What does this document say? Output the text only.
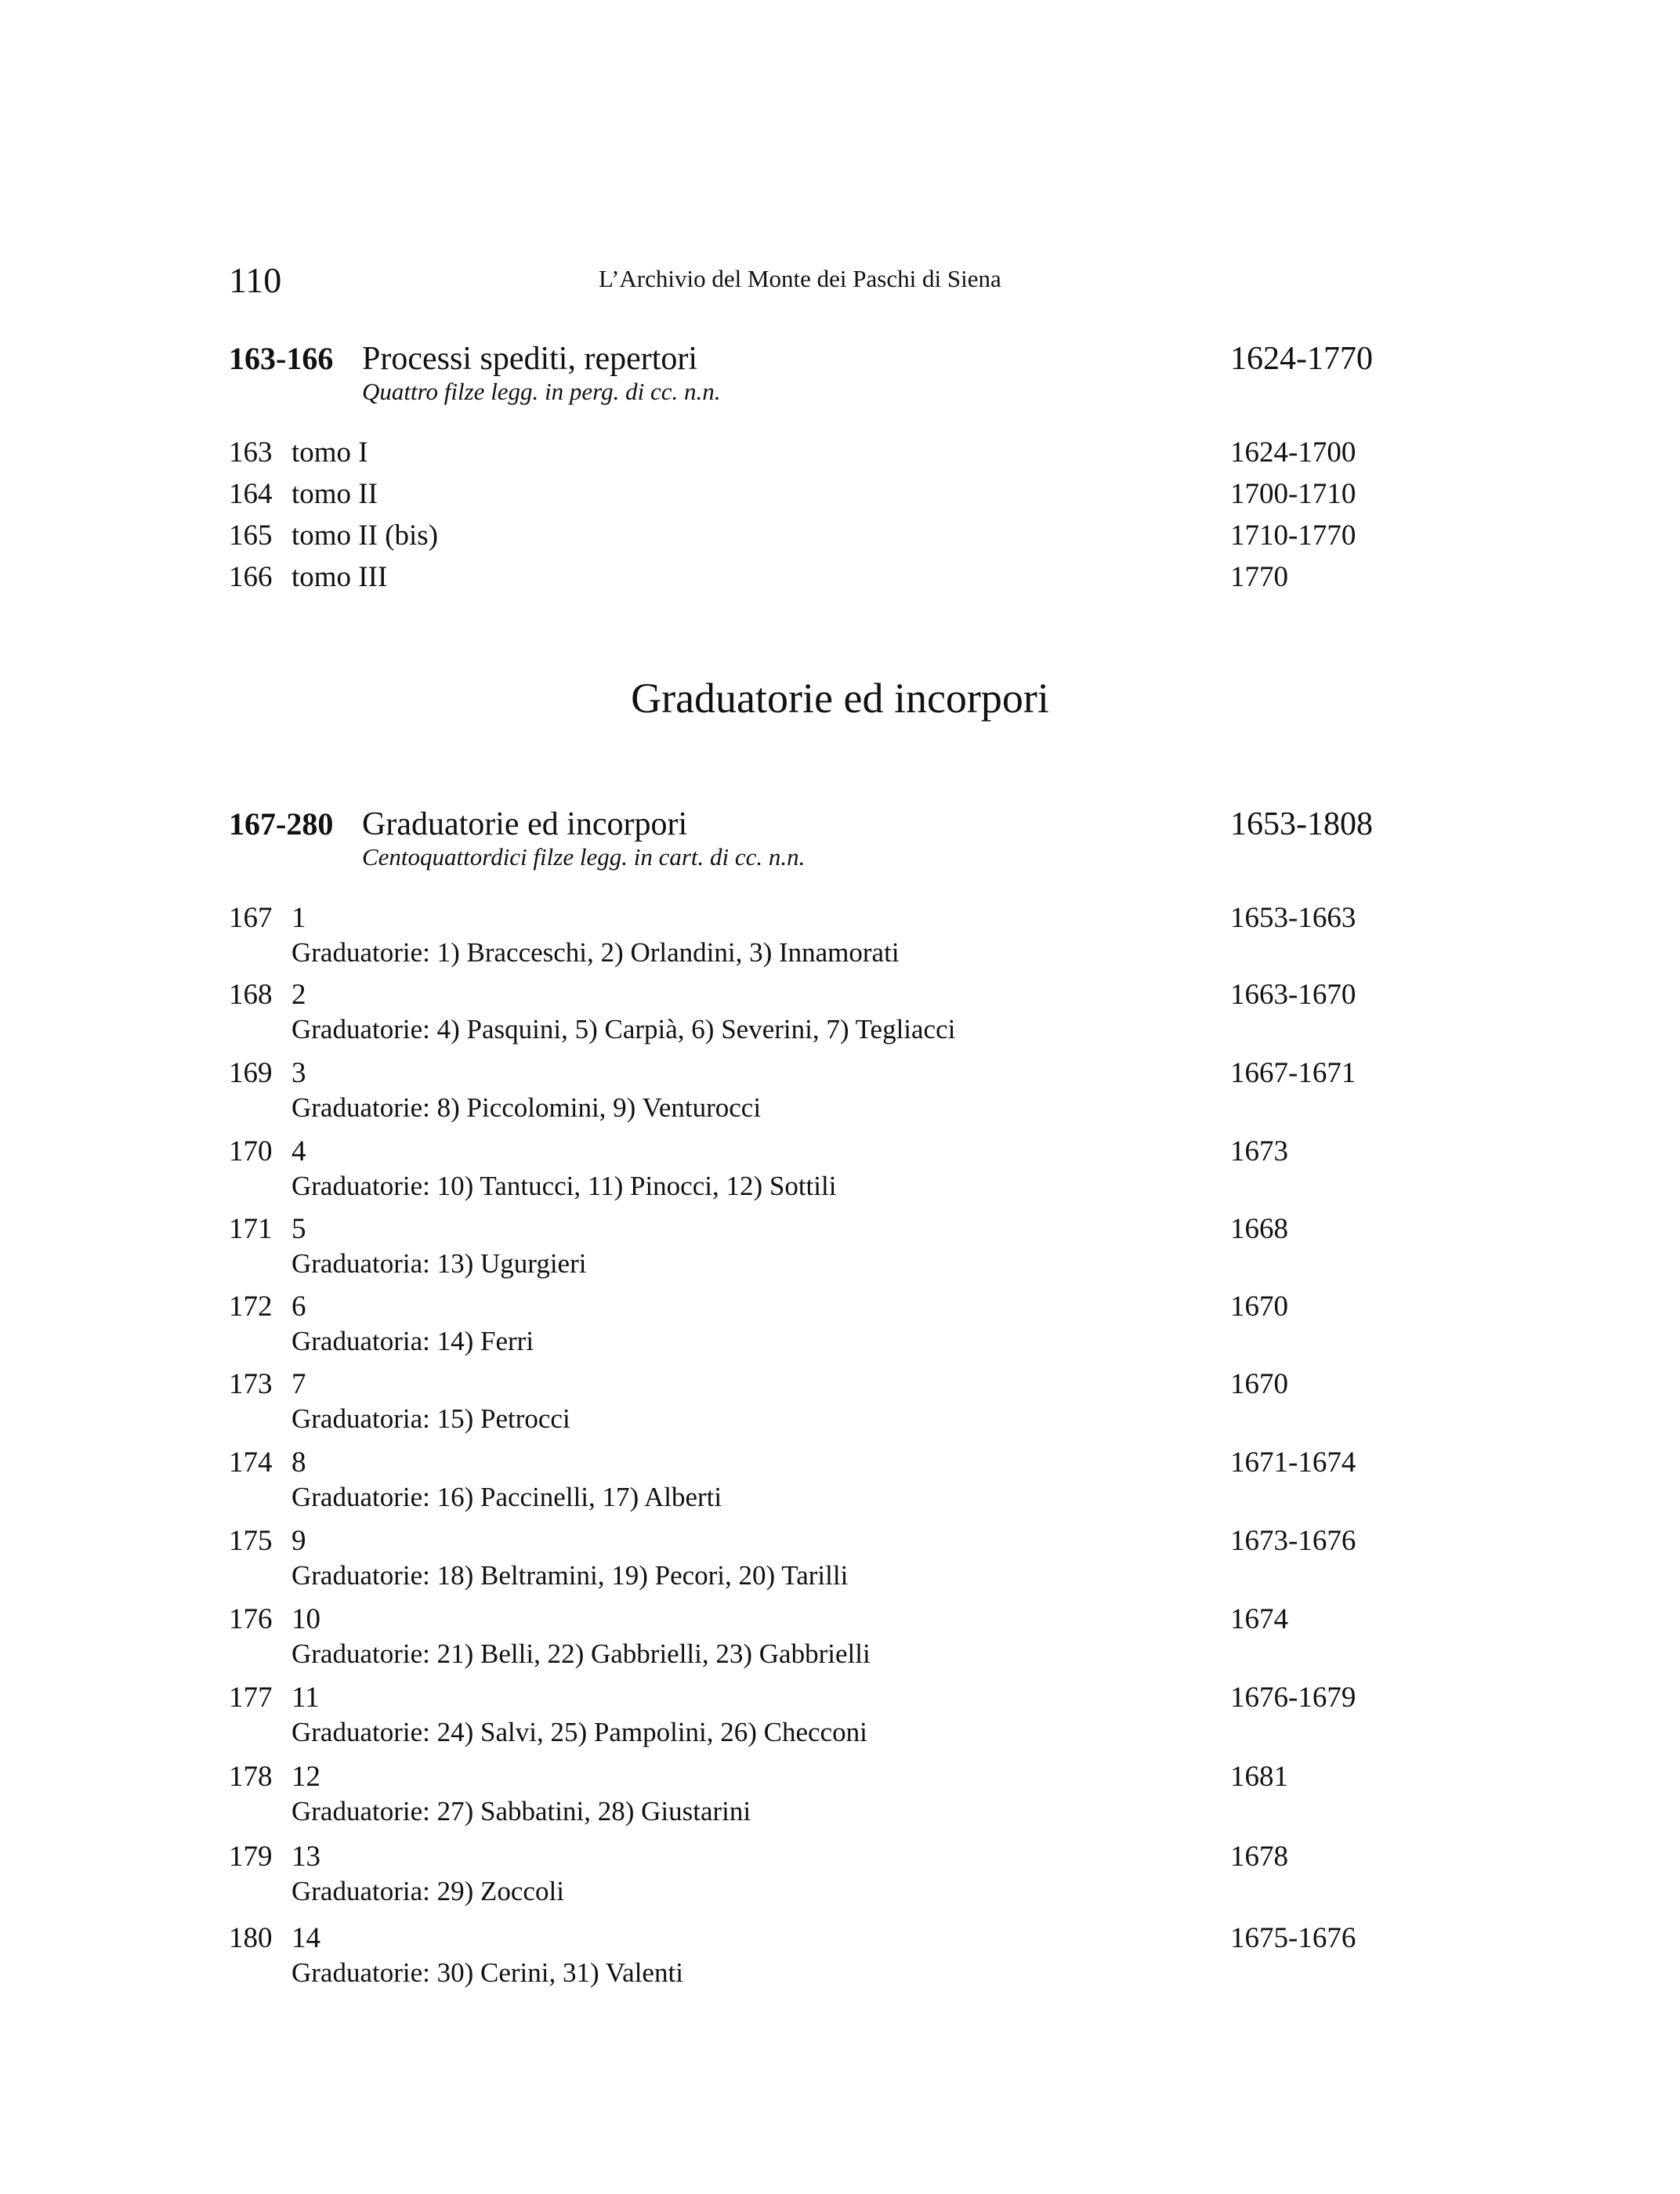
110	L’Archivio del Monte dei Paschi di Siena
163-166 Processi spediti, repertori	1624-1770
Quattro filze legg. in perg. di cc. n.n.
163 tomo I	1624-1700
164 tomo II	1700-1710
165 tomo II (bis)	1710-1770
166 tomo III	1770
Graduatorie ed incorpori
167-280 Graduatorie ed incorpori	1653-1808
Centoquattordici filze legg. in cart. di cc. n.n.
167 1	1653-1663
Graduatorie: 1) Bracceschi, 2) Orlandini, 3) Innamorati
168 2	1663-1670
Graduatorie: 4) Pasquini, 5) Carpià, 6) Severini, 7) Tegliacci
169 3	1667-1671
Graduatorie: 8) Piccolomini, 9) Venturocci
170 4	1673
Graduatorie: 10) Tantucci, 11) Pinocci, 12) Sottili
171 5	1668
Graduatoria: 13) Ugurgieri
172 6	1670
Graduatoria: 14) Ferri
173 7	1670
Graduatoria: 15) Petrocci
174 8	1671-1674
Graduatorie: 16) Paccinelli, 17) Alberti
175 9	1673-1676
Graduatorie: 18) Beltramini, 19) Pecori, 20) Tarilli
176 10	1674
Graduatorie: 21) Belli, 22) Gabbrielli, 23) Gabbrielli
177 11	1676-1679
Graduatorie: 24) Salvi, 25) Pampolini, 26) Checconi
178 12	1681
Graduatorie: 27) Sabbatini, 28) Giustarini
179 13	1678
Graduatoria: 29) Zoccoli
180 14	1675-1676
Graduatorie: 30) Cerini, 31) Valenti
